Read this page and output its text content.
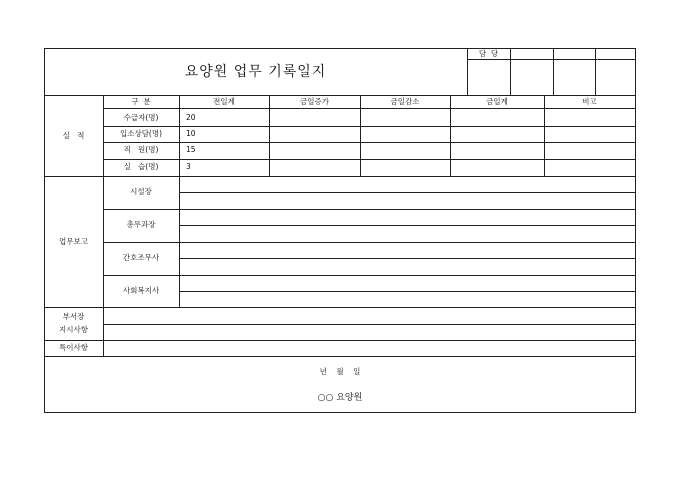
요양원 업무 기록일지
담  당
실   적
구  분	전일계	금일증가	금일감소	금일계	비고
수급자(명)	20
입소상담(명)	10
직   원(명)	15
실   습(명)	3
업무보고
시설장
총무과장
간호조무사
사회복지사
부서장
지시사항
특이사항
년    월    일
○○ 요양원
